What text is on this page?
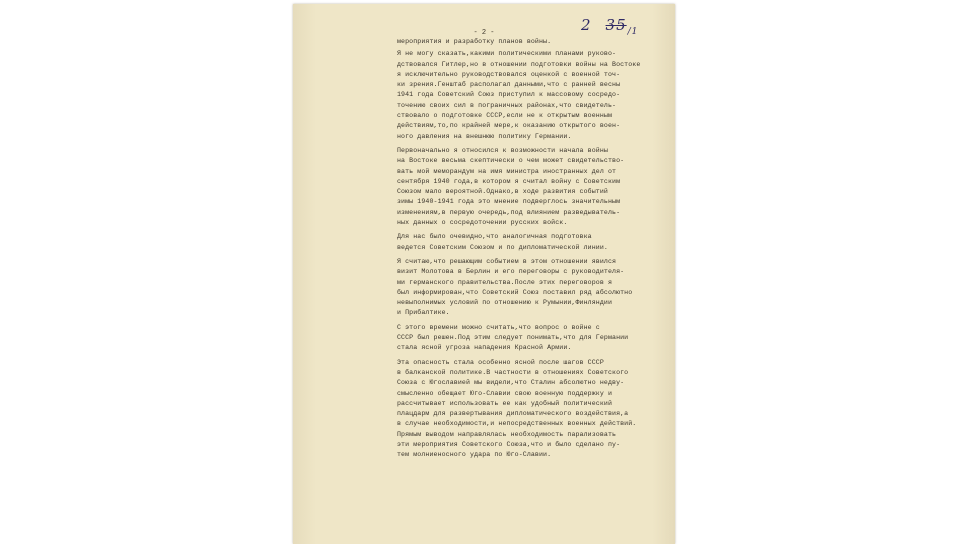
- 2 -	2 $35_{/1}$

мероприятия и разработку планов войны.

Я не могу сказать,какими политическими планами руково-
дствовался Гитлер,но в отношении подготовки войны на Востоке
я исключительно руководствовался оценкой с военной точ-
ки зрения.Генштаб располагал данными,что с ранней весны
1941 года Советский Союз приступил к массовому сосредо-
точению своих сил в пограничных районах,что свидетель-
ствовало о подготовке СССР,если не к открытым военным
действиям,то,по крайней мере,к оказанию открытого воен-
ного давления на внешнюю политику Германии.

Первоначально я относился к возможности начала войны
на Востоке весьма скептически о чем может свидетельство-
вать мой меморандум на имя министра иностранных дел от
сентября 1940 года,в котором я считал войну с Советским
Союзом мало вероятной.Однако,в ходе развития событий
зимы 1940-1941 года это мнение подверглось значительным
изменениям,в первую очередь,под влиянием разведыватель-
ных данных о сосредоточении русских войск.

Для нас было очевидно,что аналогичная подготовка
ведется Советским Союзом и по дипломатической линии.

Я считаю,что решающим событием в этом отношении явился
визит Молотова в Берлин и его переговоры с руководителя-
ми германского правительства.После этих переговоров я
был информирован,что Советский Союз поставил ряд абсолютно
невыполнимых условий по отношению к Румынии,Финляндии
и Прибалтике.

С этого времени можно считать,что вопрос о войне с
СССР был решен.Под этим следует понимать,что для Германии
стала ясной угроза нападения Красной Армии.

Эта опасность стала особенно ясной после шагов СССР
в балканской политике.В частности в отношениях Советского
Союза с Югославией мы видели,что Сталин абсолютно недву-
смысленно обещает Юго-Славии свою военную поддержку и
рассчитывает использовать ее как удобный политический
плацдарм для развертывания дипломатического воздействия,а
в случае необходимости,и непосредственных военных действий.
Прямым выводом направлялась необходимость парализовать
эти мероприятия Советского Союза,что и было сделано пу-
тем молниеносного удара по Юго-Славии.
